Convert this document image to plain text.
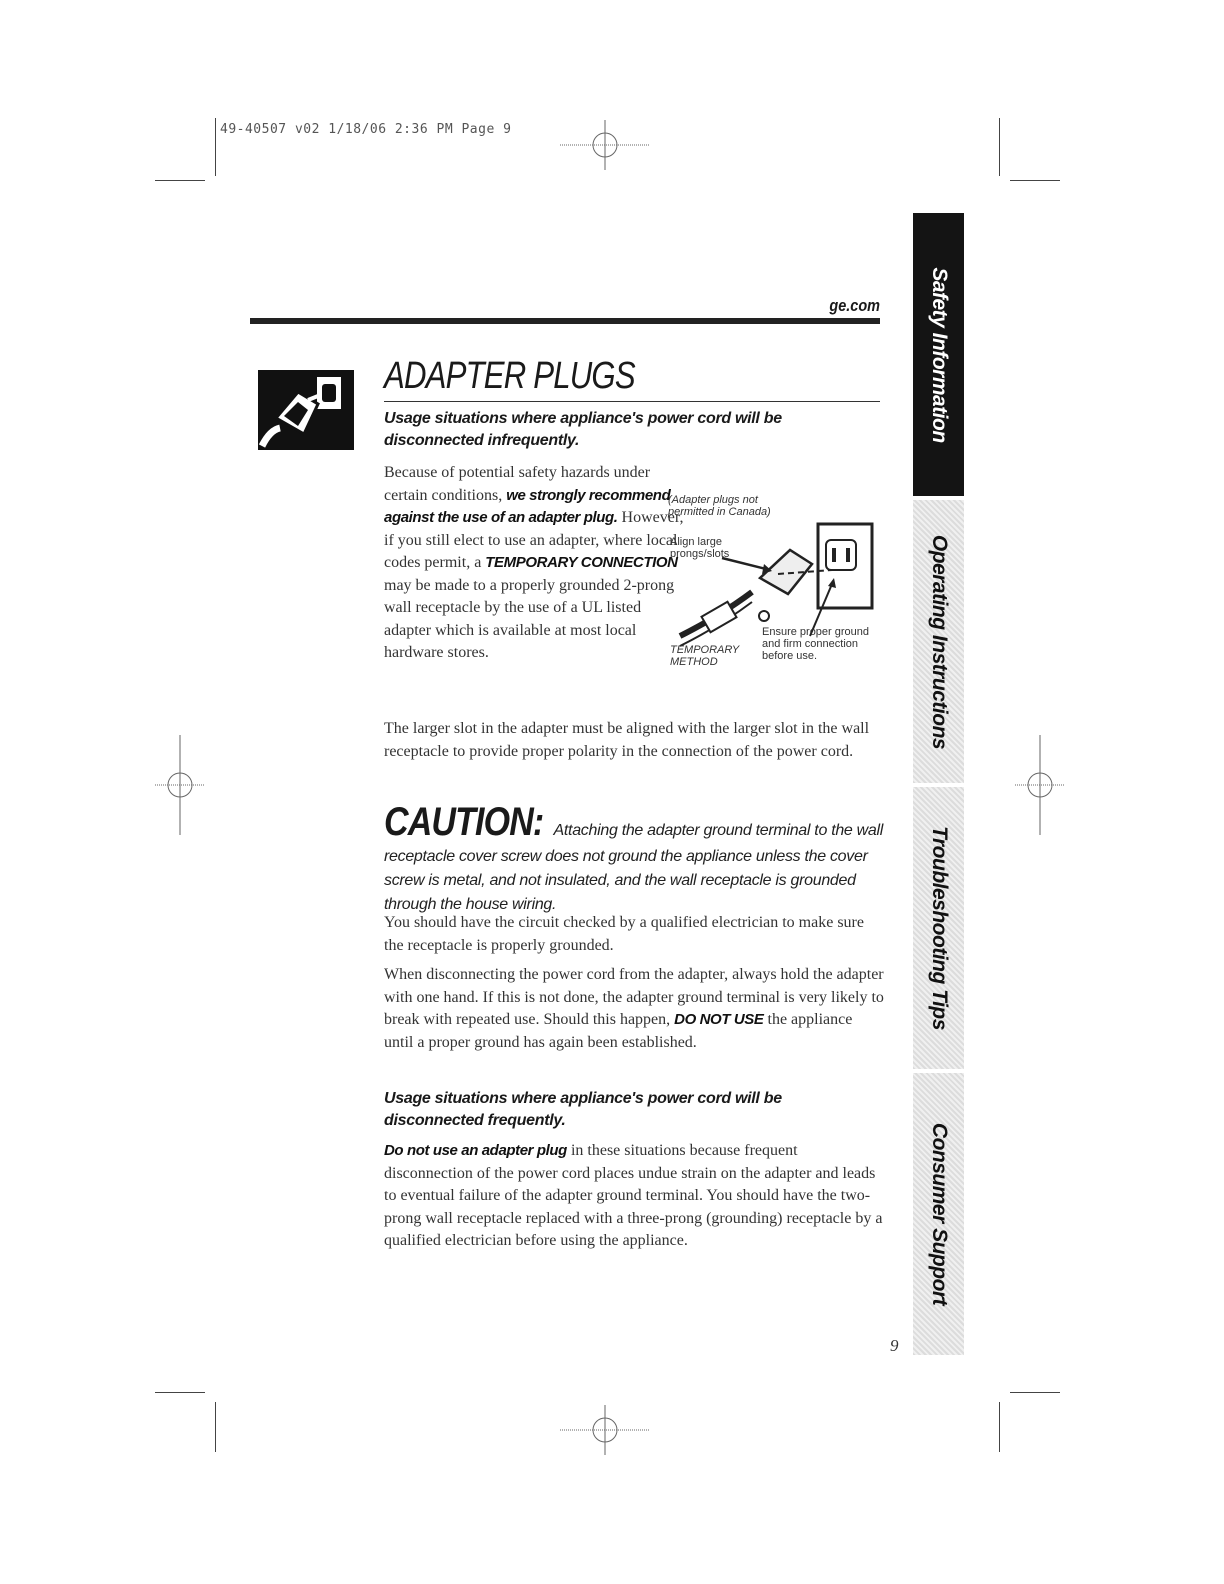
49-40507 v02 1/18/06 2:36 PM Page 9
ge.com
ADAPTER PLUGS
Usage situations where appliance's power cord will be disconnected infrequently.
Because of potential safety hazards under certain conditions, we strongly recommend against the use of an adapter plug. However, if you still elect to use an adapter, where local codes permit, a TEMPORARY CONNECTION may be made to a properly grounded 2-prong wall receptacle by the use of a UL listed adapter which is available at most local hardware stores.
(Adapter plugs not permitted in Canada)
Align large prongs/slots
Ensure proper ground and firm connection before use.
TEMPORARY METHOD
The larger slot in the adapter must be aligned with the larger slot in the wall receptacle to provide proper polarity in the connection of the power cord.
CAUTION: Attaching the adapter ground terminal to the wall receptacle cover screw does not ground the appliance unless the cover screw is metal, and not insulated, and the wall receptacle is grounded through the house wiring.
You should have the circuit checked by a qualified electrician to make sure the receptacle is properly grounded.
When disconnecting the power cord from the adapter, always hold the adapter with one hand. If this is not done, the adapter ground terminal is very likely to break with repeated use. Should this happen, DO NOT USE the appliance until a proper ground has again been established.
Usage situations where appliance's power cord will be disconnected frequently.
Do not use an adapter plug in these situations because frequent disconnection of the power cord places undue strain on the adapter and leads to eventual failure of the adapter ground terminal. You should have the two-prong wall receptacle replaced with a three-prong (grounding) receptacle by a qualified electrician before using the appliance.
9
Safety Information
Operating Instructions
Troubleshooting Tips
Consumer Support
